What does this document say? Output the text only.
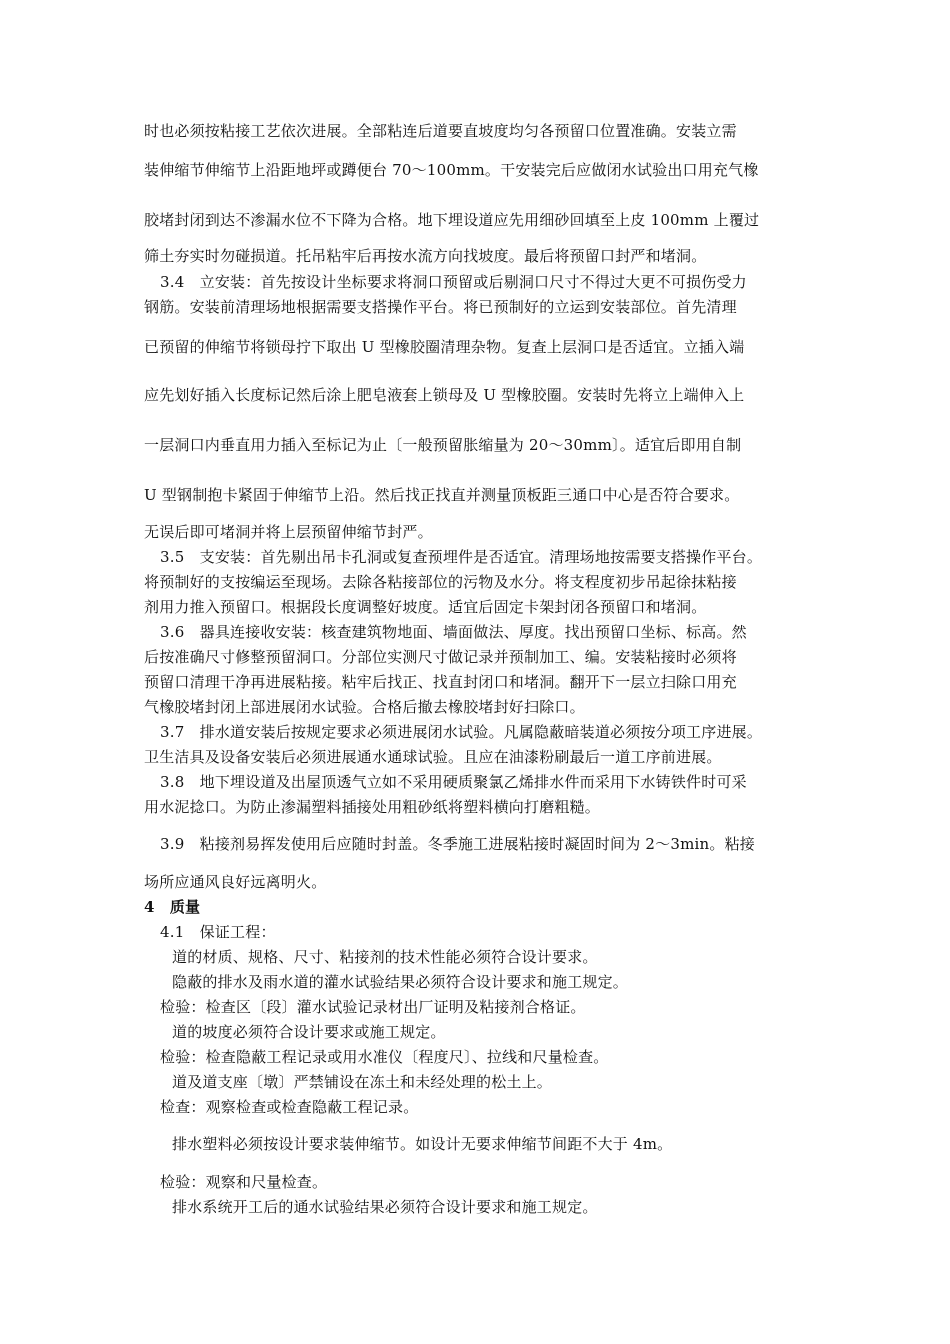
时也必须按粘接工艺依次进展。全部粘连后道要直坡度均匀各预留口位置准确。安装立需
装伸缩节伸缩节上沿距地坪或蹲便台 70～100mm。干安装完后应做闭水试验出口用充气橡
胶堵封闭到达不渗漏水位不下降为合格。地下埋设道应先用细砂回填至上皮 100mm 上覆过
筛土夯实时勿碰损道。托吊粘牢后再按水流方向找坡度。最后将预留口封严和堵洞。
3.4　立安装：首先按设计坐标要求将洞口预留或后剔洞口尺寸不得过大更不可损伤受力
钢筋。安装前清理场地根据需要支搭操作平台。将已预制好的立运到安装部位。首先清理
已预留的伸缩节将锁母拧下取出 U 型橡胶圈清理杂物。复查上层洞口是否适宜。立插入端
应先划好插入长度标记然后涂上肥皂液套上锁母及 U 型橡胶圈。安装时先将立上端伸入上
一层洞口内垂直用力插入至标记为止〔一般预留胀缩量为 20～30mm〕。适宜后即用自制
U 型钢制抱卡紧固于伸缩节上沿。然后找正找直并测量顶板距三通口中心是否符合要求。
无误后即可堵洞并将上层预留伸缩节封严。
3.5　支安装：首先剔出吊卡孔洞或复查预埋件是否适宜。清理场地按需要支搭操作平台。
将预制好的支按编运至现场。去除各粘接部位的污物及水分。将支程度初步吊起徐抹粘接
剂用力推入预留口。根据段长度调整好坡度。适宜后固定卡架封闭各预留口和堵洞。
3.6　器具连接收安装：核查建筑物地面、墙面做法、厚度。找出预留口坐标、标高。然
后按准确尺寸修整预留洞口。分部位实测尺寸做记录并预制加工、编。安装粘接时必须将
预留口清理干净再进展粘接。粘牢后找正、找直封闭口和堵洞。翻开下一层立扫除口用充
气橡胶堵封闭上部进展闭水试验。合格后撤去橡胶堵封好扫除口。
3.7　排水道安装后按规定要求必须进展闭水试验。凡属隐蔽暗装道必须按分项工序进展。
卫生洁具及设备安装后必须进展通水通球试验。且应在油漆粉刷最后一道工序前进展。
3.8　地下埋设道及出屋顶透气立如不采用硬质聚氯乙烯排水件而采用下水铸铁件时可采
用水泥捻口。为防止渗漏塑料插接处用粗砂纸将塑料横向打磨粗糙。
3.9　粘接剂易挥发使用后应随时封盖。冬季施工进展粘接时凝固时间为 2～3min。粘接
场所应通风良好远离明火。
4　质量
4.1　保证工程：
道的材质、规格、尺寸、粘接剂的技术性能必须符合设计要求。
隐蔽的排水及雨水道的灌水试验结果必须符合设计要求和施工规定。
检验：检查区〔段〕灌水试验记录材出厂证明及粘接剂合格证。
道的坡度必须符合设计要求或施工规定。
检验：检查隐蔽工程记录或用水准仪〔程度尺〕、拉线和尺量检查。
道及道支座〔墩〕严禁铺设在冻土和未经处理的松土上。
检查：观察检查或检查隐蔽工程记录。
排水塑料必须按设计要求装伸缩节。如设计无要求伸缩节间距不大于 4m。
检验：观察和尺量检查。
排水系统开工后的通水试验结果必须符合设计要求和施工规定。
